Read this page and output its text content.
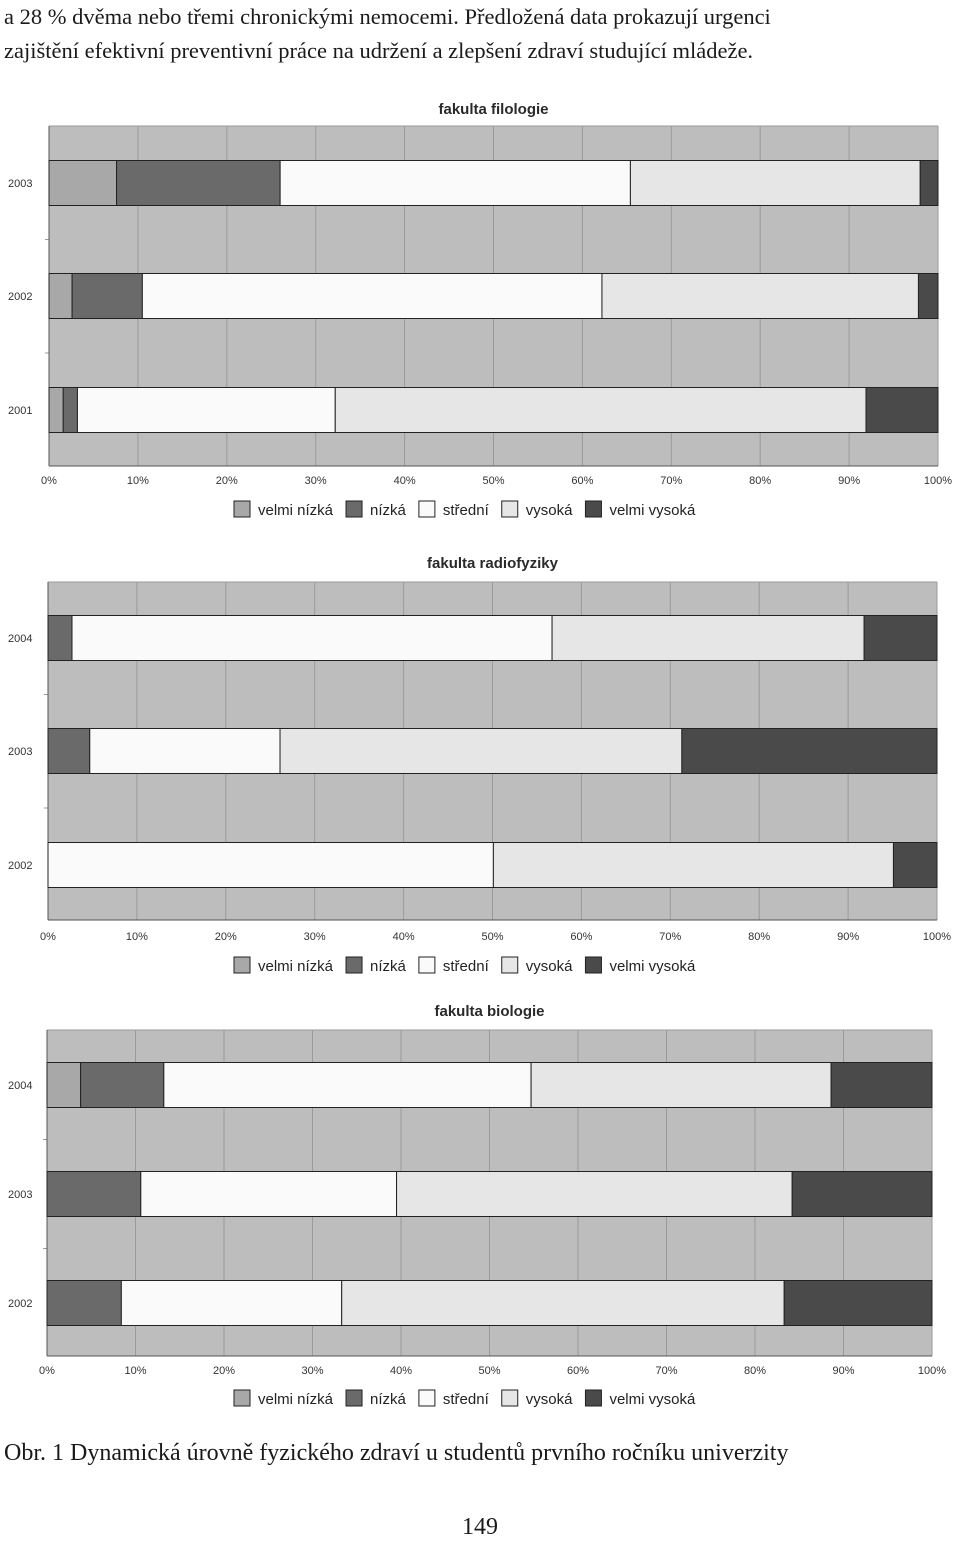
a 28 % dvěma nebo třemi chronickými nemocemi. Předložená data prokazují urgenci
zajištění efektivní preventivní práce na udržení a zlepšení zdraví studující mládeže.

fakulta filologie
2003
2002
2001
0%	10%	20%	30%	40%	50%	60%	70%	80%	90%	100%
velmi nízká nízká střední vysoká velmi vysoká
fakulta radiofyziky
2004
2003
2002
0%	10%	20%	30%	40%	50%	60%	70%	80%	90%	100%
velmi nízká nízká střední vysoká velmi vysoká
fakulta biologie
2004
2003
2002
0%	10%	20%	30%	40%	50%	60%	70%	80%	90%	100%
velmi nízká nízká střední vysoká velmi vysoká

Obr. 1 Dynamická úrovně fyzického zdraví u studentů prvního ročníku univerzity

149
